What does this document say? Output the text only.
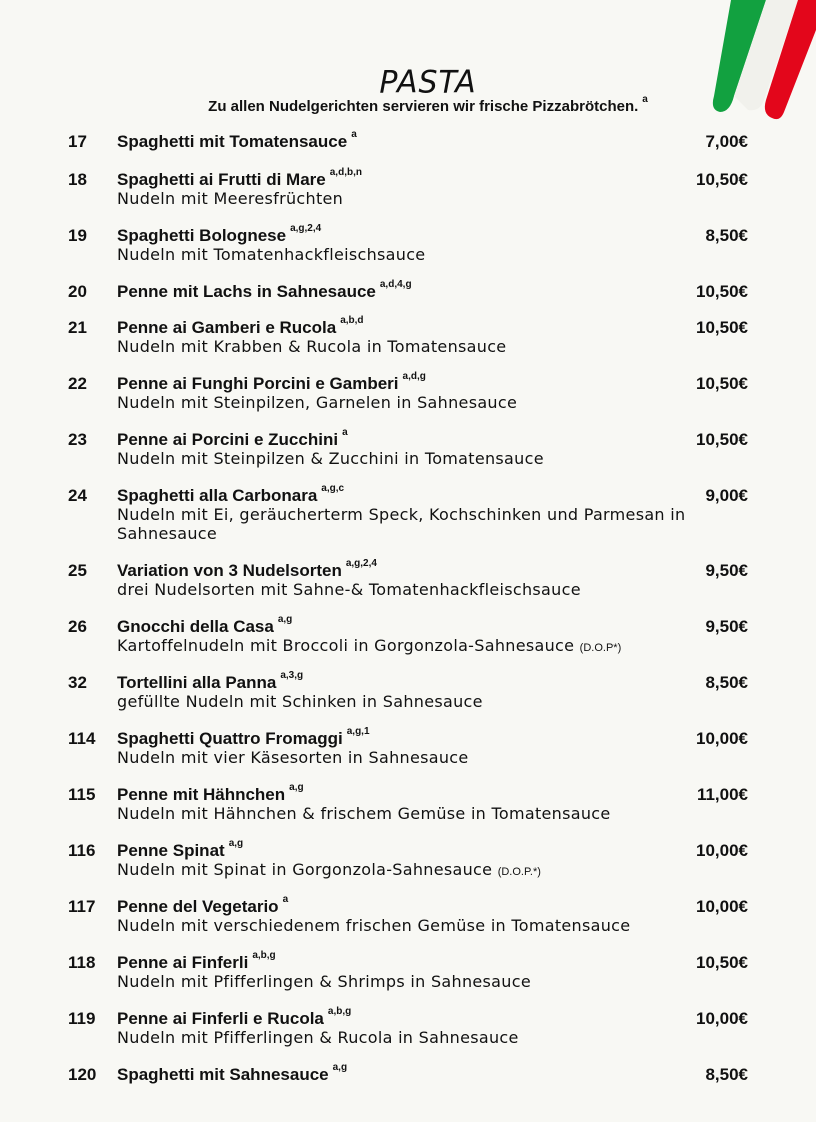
PASTA
Zu allen Nudelgerichten servieren wir frische Pizzabrötchen. $^a$
17 Spaghetti mit Tomatensauce $^a$	7,00€
18 Spaghetti ai Frutti di Mare $^{a,d,b,n}$	10,50€
Nudeln mit Meeresfrüchten
19 Spaghetti Bolognese $^{a,g,2,4}$	8,50€
Nudeln mit Tomatenhackfleischsauce
20 Penne mit Lachs in Sahnesauce $^{a,d,4,g}$	10,50€
21 Penne ai Gamberi e Rucola $^{a,b,d}$	10,50€
Nudeln mit Krabben & Rucola in Tomatensauce
22 Penne ai Funghi Porcini e Gamberi $^{a,d,g}$	10,50€
Nudeln mit Steinpilzen, Garnelen in Sahnesauce
23 Penne ai Porcini e Zucchini $^a$	10,50€
Nudeln mit Steinpilzen & Zucchini in Tomatensauce
24 Spaghetti alla Carbonara $^{a,g,c}$	9,00€
Nudeln mit Ei, geräucherterm Speck, Kochschinken und Parmesan in Sahnesauce
25 Variation von 3 Nudelsorten $^{a,g,2,4}$	9,50€
drei Nudelsorten mit Sahne-& Tomatenhackfleischsauce
26 Gnocchi della Casa $^{a,g}$	9,50€
Kartoffelnudeln mit Broccoli in Gorgonzola-Sahnesauce (D.O.P*)
32 Tortellini alla Panna $^{a,3,g}$	8,50€
gefüllte Nudeln mit Schinken in Sahnesauce
114 Spaghetti Quattro Fromaggi $^{a,g,1}$	10,00€
Nudeln mit vier Käsesorten in Sahnesauce
115 Penne mit Hähnchen $^{a,g}$	11,00€
Nudeln mit Hähnchen & frischem Gemüse in Tomatensauce
116 Penne Spinat $^{a,g}$	10,00€
Nudeln mit Spinat in Gorgonzola-Sahnesauce (D.O.P.*)
117 Penne del Vegetario $^a$	10,00€
Nudeln mit verschiedenem frischen Gemüse in Tomatensauce
118 Penne ai Finferli $^{a,b,g}$	10,50€
Nudeln mit Pfifferlingen & Shrimps in Sahnesauce
119 Penne ai Finferli e Rucola $^{a,b,g}$	10,00€
Nudeln mit Pfifferlingen & Rucola in Sahnesauce
120 Spaghetti mit Sahnesauce $^{a,g}$	8,50€
